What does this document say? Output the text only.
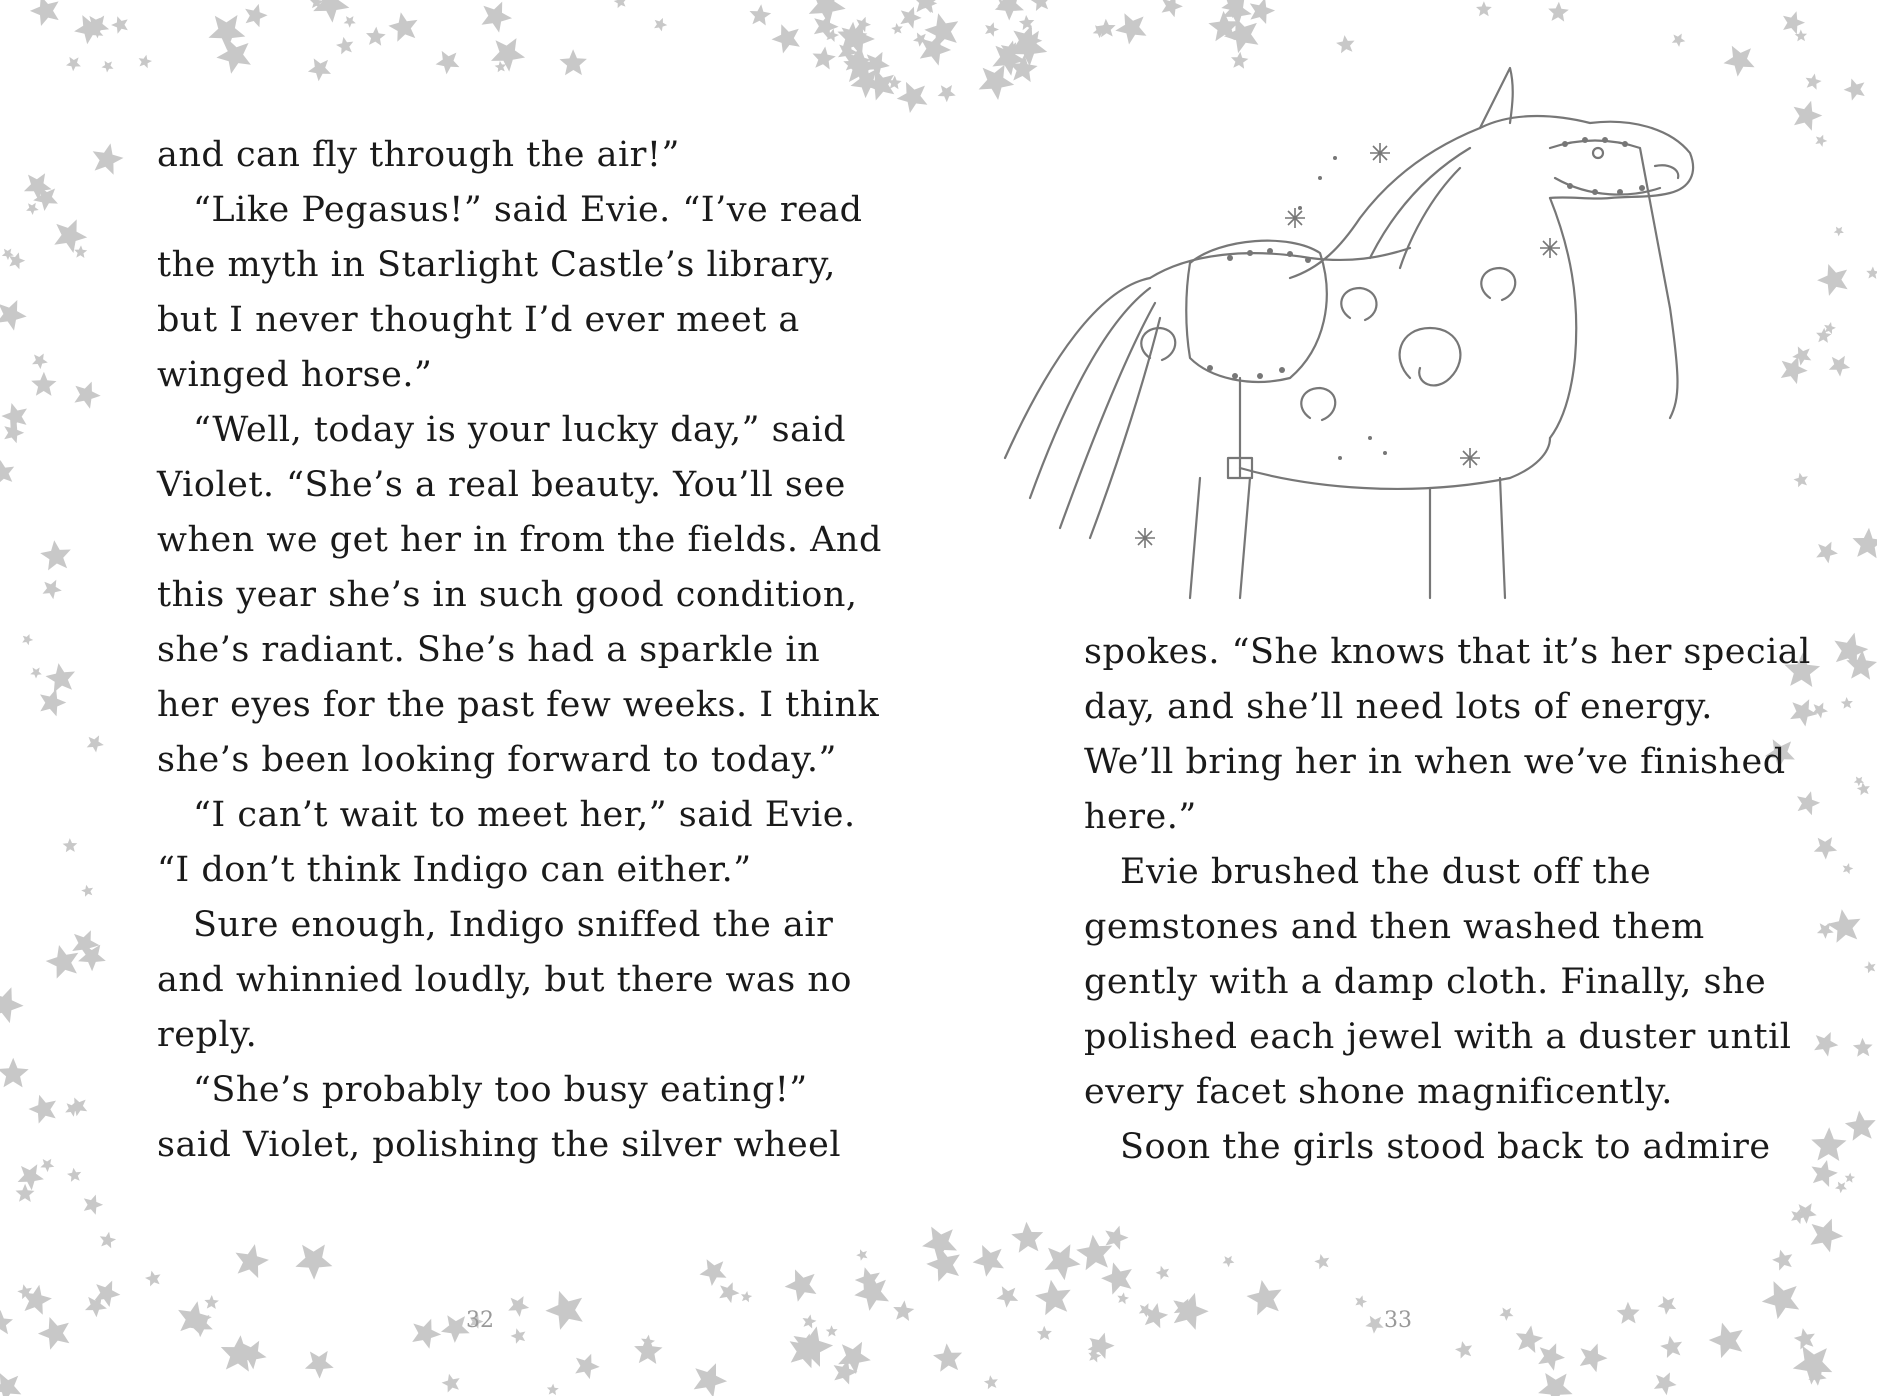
and can fly through the air!”
“Like Pegasus!” said Evie. “I’ve read
the myth in Starlight Castle’s library,
but I never thought I’d ever meet a
winged horse.”
“Well, today is your lucky day,” said
Violet. “She’s a real beauty. You’ll see
when we get her in from the fields. And
this year she’s in such good condition,
she’s radiant. She’s had a sparkle in
her eyes for the past few weeks. I think
she’s been looking forward to today.”
“I can’t wait to meet her,” said Evie.
“I don’t think Indigo can either.”
Sure enough, Indigo sniffed the air
and whinnied loudly, but there was no
reply.
“She’s probably too busy eating!”
said Violet, polishing the silver wheel
32
spokes. “She knows that it’s her special
day, and she’ll need lots of energy.
We’ll bring her in when we’ve finished
here.”
Evie brushed the dust off the
gemstones and then washed them
gently with a damp cloth. Finally, she
polished each jewel with a duster until
every facet shone magnificently.
Soon the girls stood back to admire
33
